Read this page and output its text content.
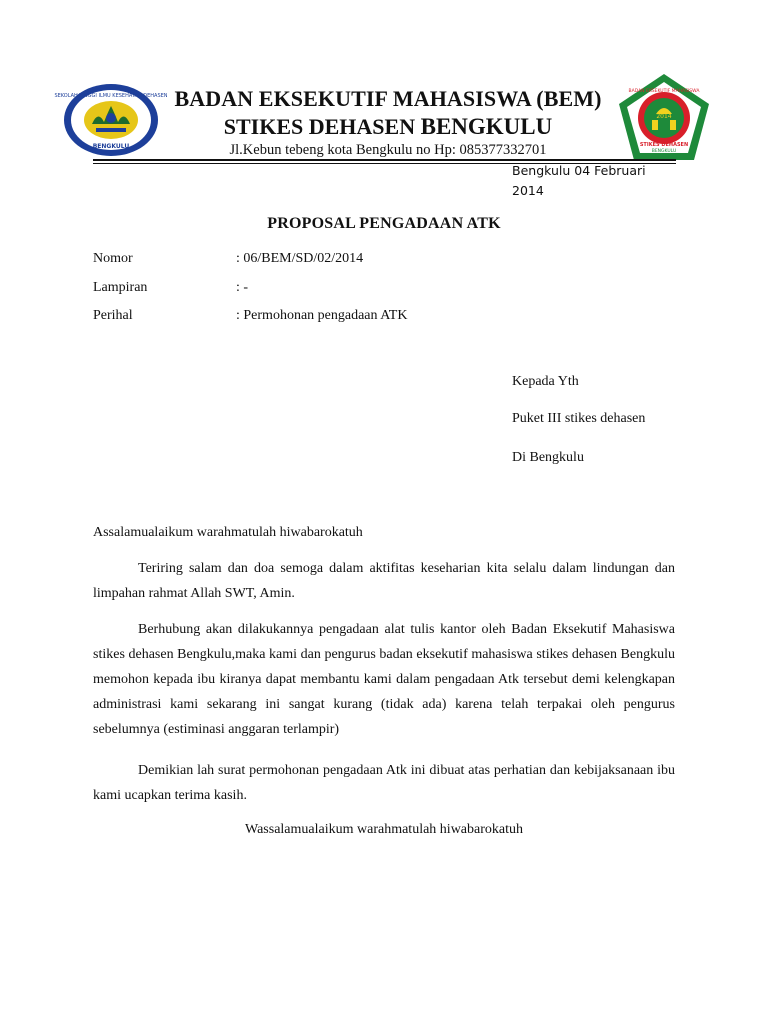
SEKOLAH TINGGI ILMU KESEHATAN DEHASEN
BENGKULU
2014
BADAN EKSEKUTIF MAHASISWA
STIKES DEHASEN
BENGKULU
BADAN EKSEKUTIF MAHASISWA (BEM)
STIKES DEHASEN BENGKULU
Jl.Kebun tebeng kota Bengkulu no Hp: 085377332701
Bengkulu 04 Februari
2014
PROPOSAL PENGADAAN ATK
Nomor	: 06/BEM/SD/02/2014
Lampiran	: -
Perihal	: Permohonan pengadaan ATK
Kepada Yth
Puket III stikes dehasen
Di Bengkulu
Assalamualaikum warahmatulah hiwabarokatuh
Teriring salam dan doa semoga dalam aktifitas keseharian kita selalu dalam lindungan dan limpahan rahmat Allah SWT, Amin.
Berhubung akan dilakukannya pengadaan alat tulis kantor oleh Badan Eksekutif Mahasiswa stikes dehasen Bengkulu,maka kami dan pengurus badan eksekutif mahasiswa stikes dehasen Bengkulu memohon kepada ibu kiranya dapat membantu kami dalam pengadaan Atk tersebut demi kelengkapan administrasi kami sekarang ini sangat kurang (tidak ada) karena telah terpakai oleh pengurus sebelumnya (estiminasi anggaran terlampir)
Demikian lah surat permohonan pengadaan Atk ini dibuat atas perhatian dan kebijaksanaan ibu kami ucapkan terima kasih.
Wassalamualaikum warahmatulah hiwabarokatuh
